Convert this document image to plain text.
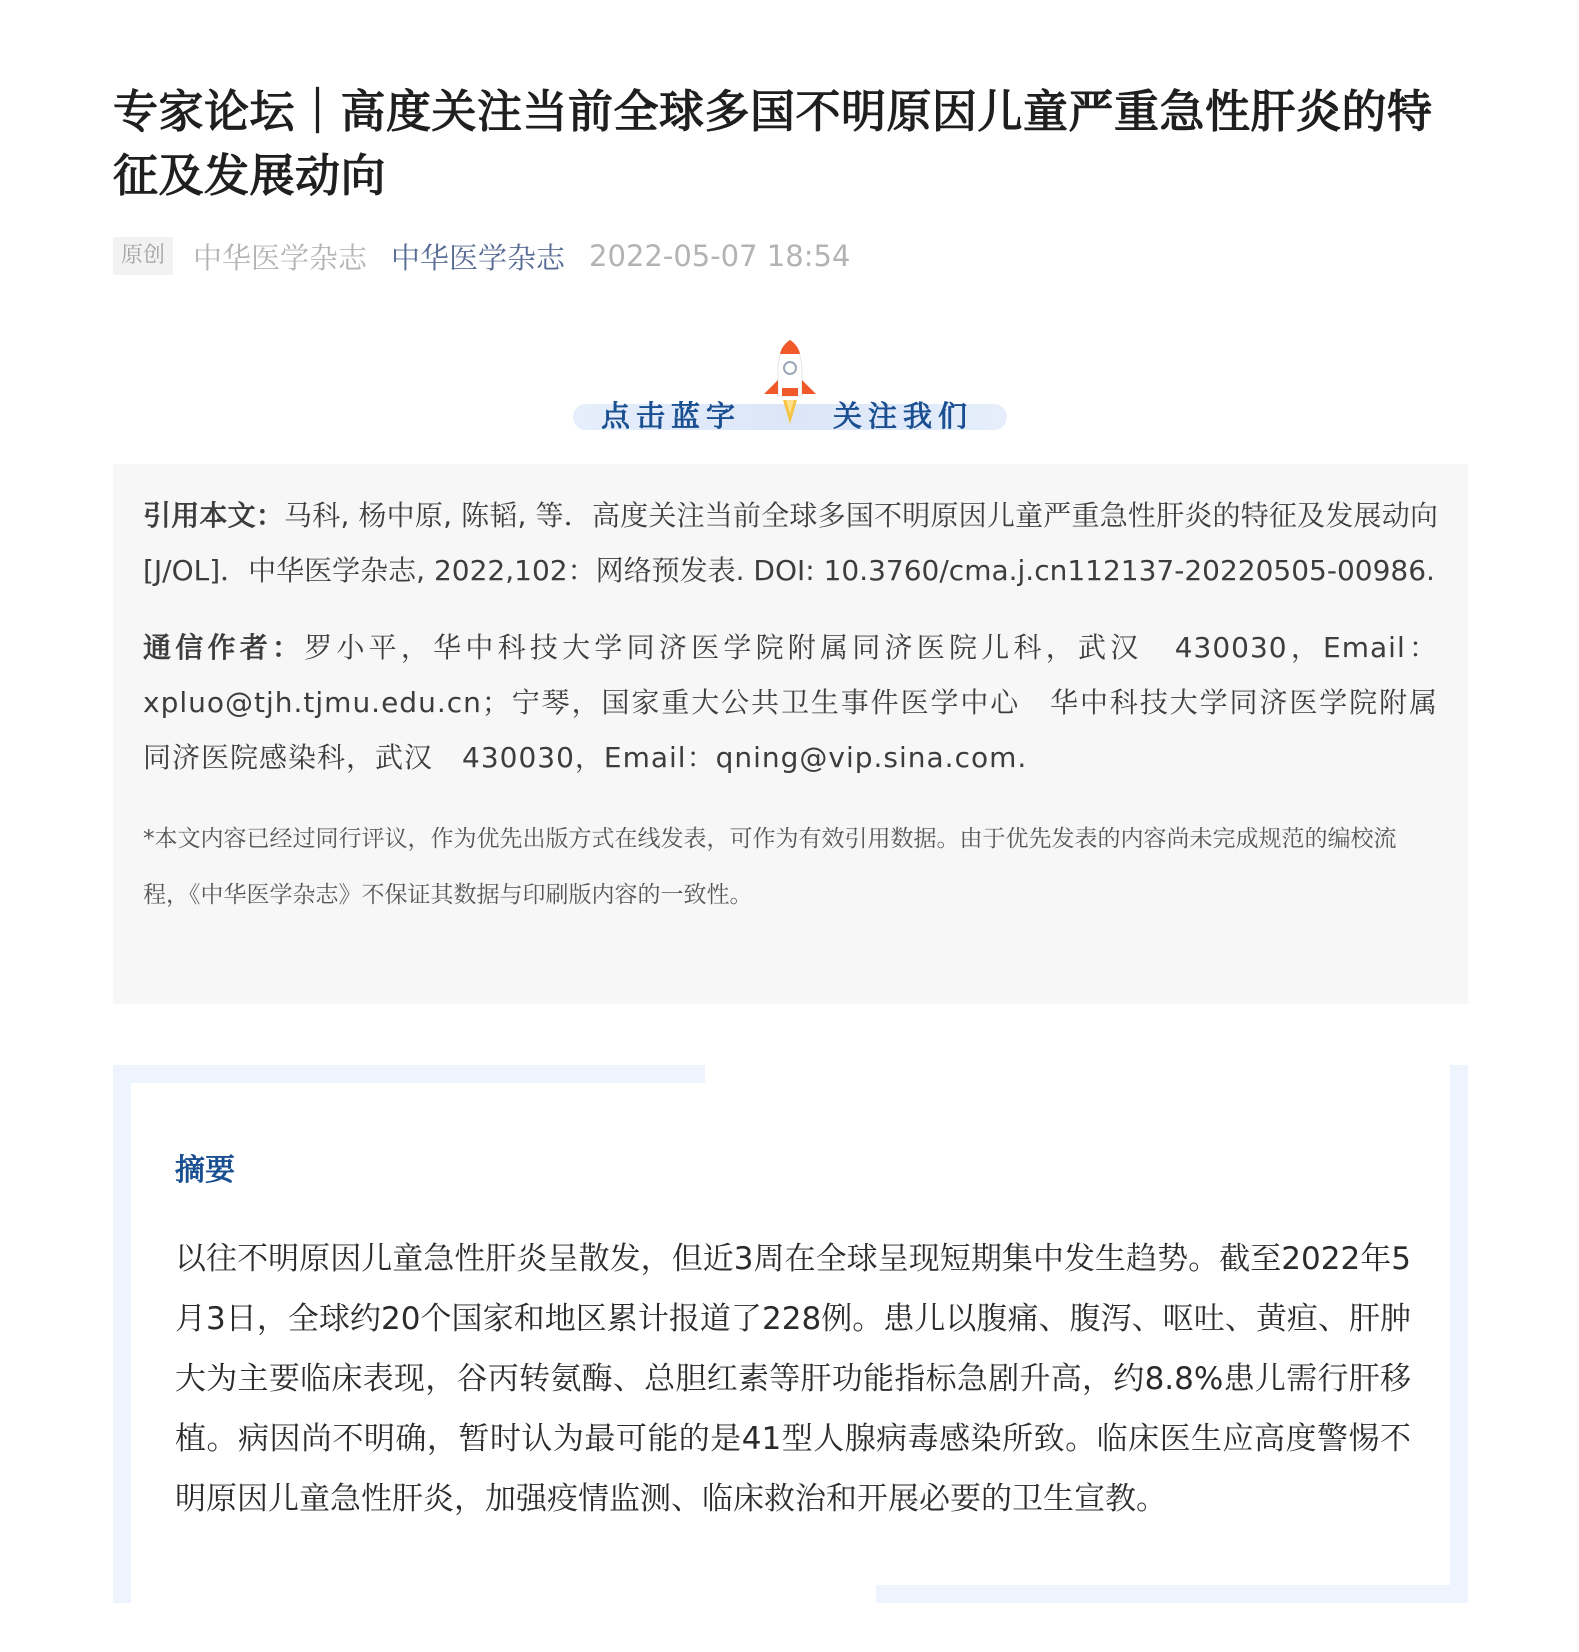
专家论坛｜高度关注当前全球多国不明原因儿童严重急性肝炎的特征及发展动向
原创 中华医学杂志 中华医学杂志 2022-05-07 18:54
点击蓝字	关注我们

引用本文：马科, 杨中原, 陈韬, 等．高度关注当前全球多国不明原因儿童严重急性肝炎的特征及发展动向 [J/OL]．中华医学杂志, 2022,102：网络预发表. DOI: 10.3760/cma.j.cn112137-20220505-00986.

通信作者：罗小平，华中科技大学同济医学院附属同济医院儿科，武汉　430030，Email：xpluo@tjh.tjmu.edu.cn；宁琴，国家重大公共卫生事件医学中心　华中科技大学同济医学院附属同济医院感染科，武汉　430030，Email：qning@vip.sina.com.

*本文内容已经过同行评议，作为优先出版方式在线发表，可作为有效引用数据。由于优先发表的内容尚未完成规范的编校流程，《中华医学杂志》不保证其数据与印刷版内容的一致性。

摘要

以往不明原因儿童急性肝炎呈散发，但近3周在全球呈现短期集中发生趋势。截至2022年5月3日，全球约20个国家和地区累计报道了228例。患儿以腹痛、腹泻、呕吐、黄疸、肝肿大为主要临床表现，谷丙转氨酶、总胆红素等肝功能指标急剧升高，约8.8%患儿需行肝移植。病因尚不明确，暂时认为最可能的是41型人腺病毒感染所致。临床医生应高度警惕不明原因儿童急性肝炎，加强疫情监测、临床救治和开展必要的卫生宣教。
